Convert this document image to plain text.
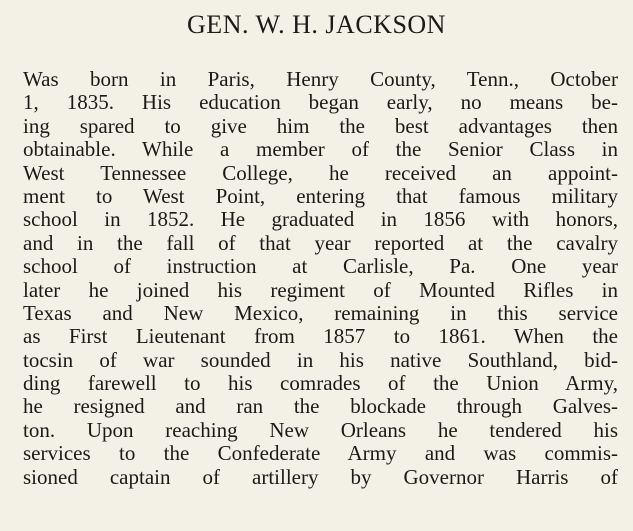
GEN. W. H. JACKSON
Was born in Paris, Henry County, Tenn., October
1, 1835. His education began early, no means be-
ing spared to give him the best advantages then
obtainable. While a member of the Senior Class in
West Tennessee College, he received an appoint-
ment to West Point, entering that famous military
school in 1852. He graduated in 1856 with honors,
and in the fall of that year reported at the cavalry
school of instruction at Carlisle, Pa. One year
later he joined his regiment of Mounted Rifles in
Texas and New Mexico, remaining in this service
as First Lieutenant from 1857 to 1861. When the
tocsin of war sounded in his native Southland, bid-
ding farewell to his comrades of the Union Army,
he resigned and ran the blockade through Galves-
ton. Upon reaching New Orleans he tendered his
services to the Confederate Army and was commis-
sioned captain of artillery by Governor Harris of
